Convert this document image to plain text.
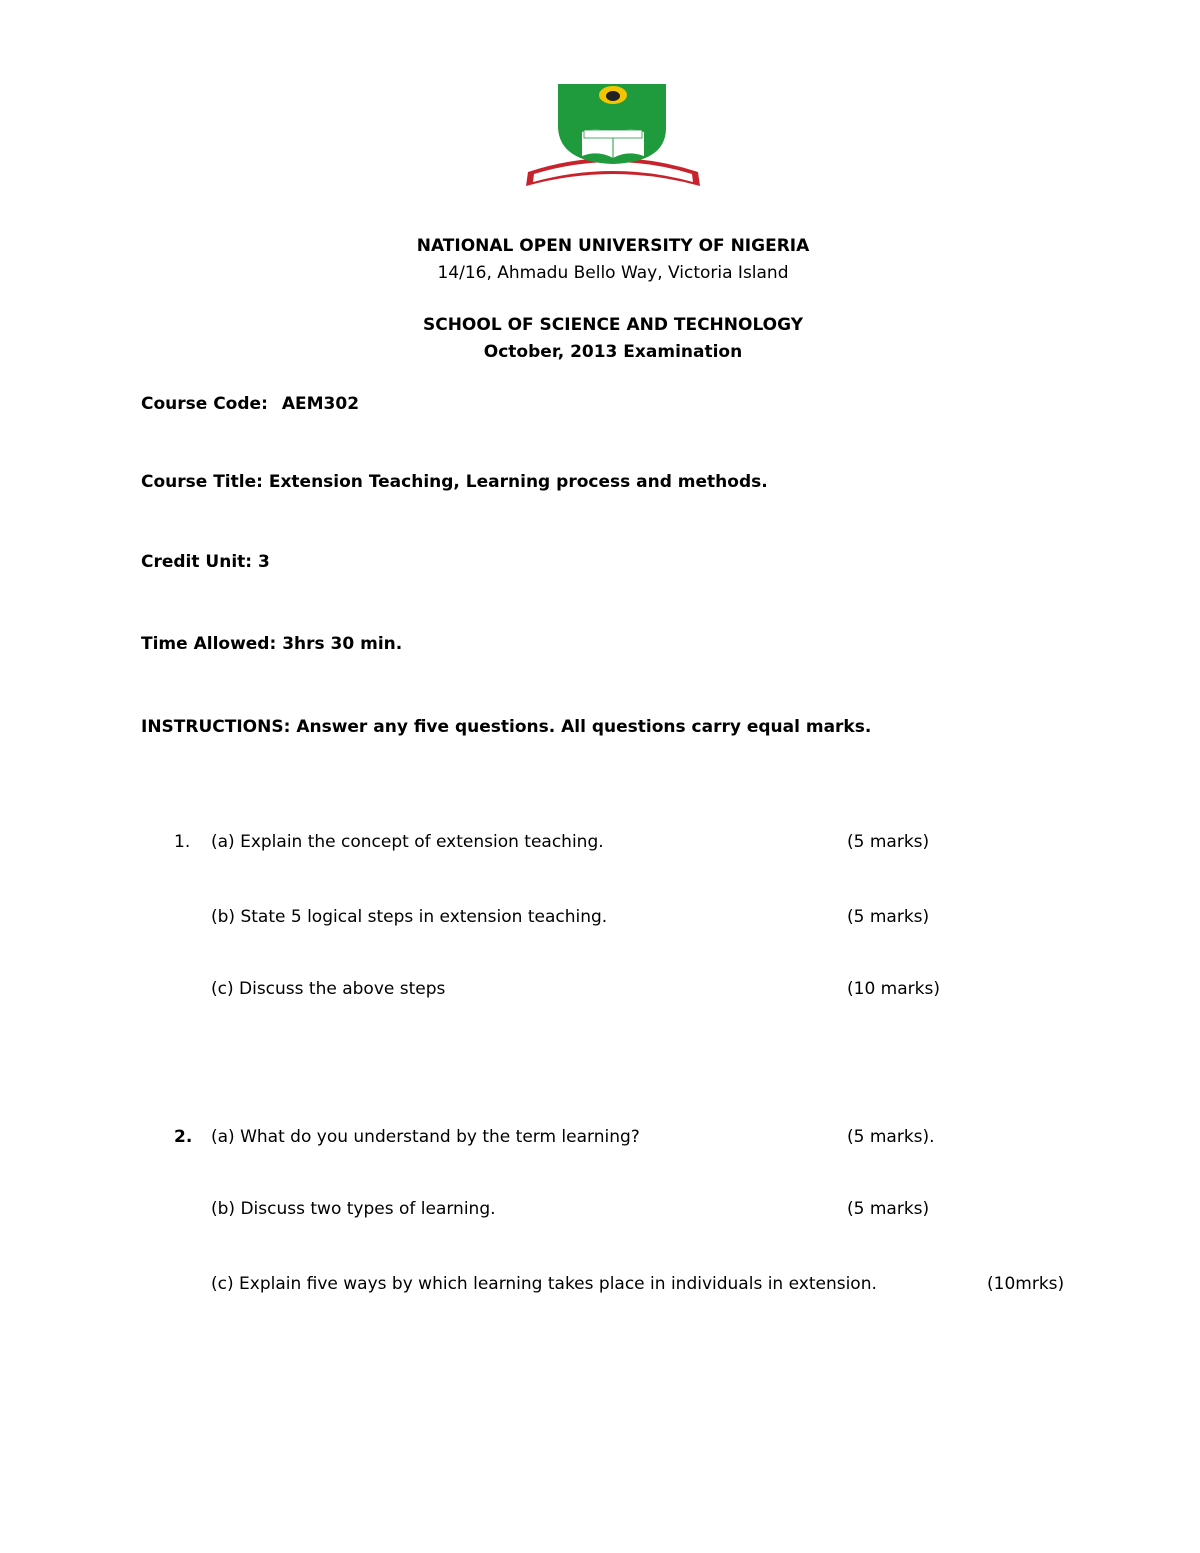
NATIONAL OPEN UNIVERSITY OF NIGERIA
14/16, Ahmadu Bello Way, Victoria Island
SCHOOL OF SCIENCE AND TECHNOLOGY
October, 2013 Examination
Course Code: AEM302
Course Title: Extension Teaching, Learning process and methods.
Credit Unit: 3
Time Allowed: 3hrs 30 min.
INSTRUCTIONS: Answer any five questions. All questions carry equal marks.
1. (a) Explain the concept of extension teaching.	(5 marks)
(b) State 5 logical steps in extension teaching.	(5 marks)
(c) Discuss the above steps	(10 marks)
2. (a) What do you understand by the term learning?	(5 marks).
(b) Discuss two types of learning.	(5 marks)
(c) Explain five ways by which learning takes place in individuals in extension.	(10mrks)
